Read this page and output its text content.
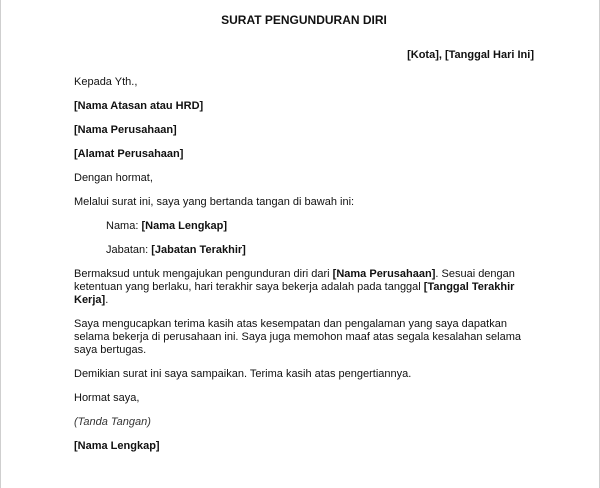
SURAT PENGUNDURAN DIRI
[Kota], [Tanggal Hari Ini]
Kepada Yth.,
[Nama Atasan atau HRD]
[Nama Perusahaan]
[Alamat Perusahaan]
Dengan hormat,
Melalui surat ini, saya yang bertanda tangan di bawah ini:
Nama: [Nama Lengkap]
Jabatan: [Jabatan Terakhir]
Bermaksud untuk mengajukan pengunduran diri dari [Nama Perusahaan]. Sesuai dengan ketentuan yang berlaku, hari terakhir saya bekerja adalah pada tanggal [Tanggal Terakhir Kerja].
Saya mengucapkan terima kasih atas kesempatan dan pengalaman yang saya dapatkan selama bekerja di perusahaan ini. Saya juga memohon maaf atas segala kesalahan selama saya bertugas.
Demikian surat ini saya sampaikan. Terima kasih atas pengertiannya.
Hormat saya,
(Tanda Tangan)
[Nama Lengkap]
